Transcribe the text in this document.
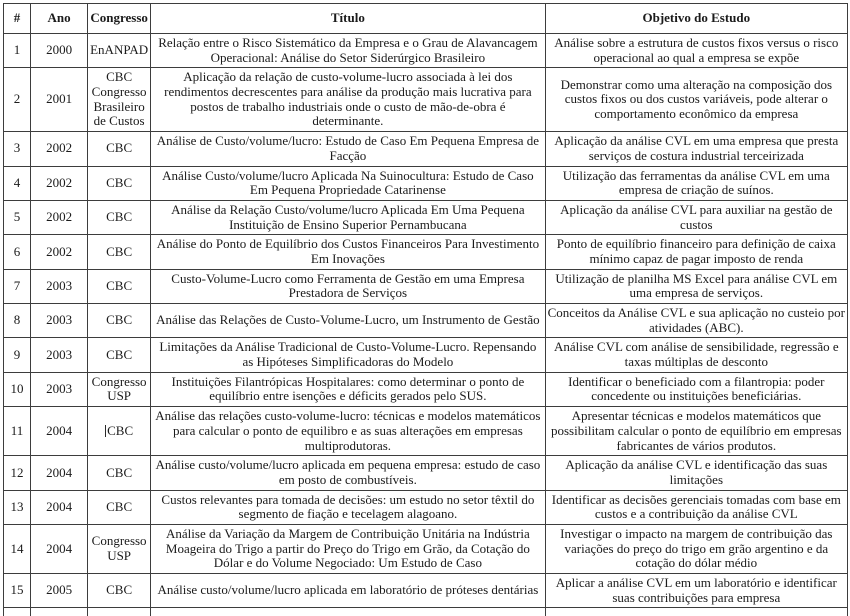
#	Ano	Congresso	Título	Objetivo do Estudo
1	2000	EnANPAD	Relação entre o Risco Sistemático da Empresa e o Grau de Alavancagem Operacional: Análise do Setor Siderúrgico Brasileiro	Análise sobre a estrutura de custos fixos versus o risco operacional ao qual a empresa se expõe
2	2001	CBC Congresso Brasileiro de Custos	Aplicação da relação de custo-volume-lucro associada à lei dos rendimentos decrescentes para análise da produção mais lucrativa para postos de trabalho industriais onde o custo de mão-de-obra é determinante.	Demonstrar como uma alteração na composição dos custos fixos ou dos custos variáveis, pode alterar o comportamento econômico da empresa
3	2002	CBC	Análise de Custo/volume/lucro: Estudo de Caso Em Pequena Empresa de Facção	Aplicação da análise CVL em uma empresa que presta serviços de costura industrial terceirizada
4	2002	CBC	Análise Custo/volume/lucro Aplicada Na Suinocultura: Estudo de Caso Em Pequena Propriedade Catarinense	Utilização das ferramentas da análise CVL em uma empresa de criação de suínos.
5	2002	CBC	Análise da Relação Custo/volume/lucro Aplicada Em Uma Pequena Instituição de Ensino Superior Pernambucana	Aplicação da análise CVL para auxiliar na gestão de custos
6	2002	CBC	Análise do Ponto de Equilíbrio dos Custos Financeiros Para Investimento Em Inovações	Ponto de equilíbrio financeiro para definição de caixa mínimo capaz de pagar imposto de renda
7	2003	CBC	Custo-Volume-Lucro como Ferramenta de Gestão em uma Empresa Prestadora de Serviços	Utilização de planilha MS Excel para análise CVL em uma empresa de serviços.
8	2003	CBC	Análise das Relações de Custo-Volume-Lucro, um Instrumento de Gestão	Conceitos da Análise CVL e sua aplicação no custeio por atividades (ABC).
9	2003	CBC	Limitações da Análise Tradicional de Custo-Volume-Lucro. Repensando as Hipóteses Simplificadoras do Modelo	Análise CVL com análise de sensibilidade, regressão e taxas múltiplas de desconto
10	2003	Congresso USP	Instituições Filantrópicas Hospitalares: como determinar o ponto de equilíbrio entre isenções e déficits gerados pelo SUS.	Identificar o beneficiado com a filantropia: poder concedente ou instituições beneficiárias.
11	2004	CBC	Análise das relações custo-volume-lucro: técnicas e modelos matemáticos para calcular o ponto de equilibro e as suas alterações em empresas multiprodutoras.	Apresentar técnicas e modelos matemáticos que possibilitam calcular o ponto de equilíbrio em empresas fabricantes de vários produtos.
12	2004	CBC	Análise custo/volume/lucro aplicada em pequena empresa: estudo de caso em posto de combustíveis.	Aplicação da análise CVL e identificação das suas limitações
13	2004	CBC	Custos relevantes para tomada de decisões: um estudo no setor têxtil do segmento de fiação e tecelagem alagoano.	Identificar as decisões gerenciais tomadas com base em custos e a contribuição da análise CVL
14	2004	Congresso USP	Análise da Variação da Margem de Contribuição Unitária na Indústria Moageira do Trigo a partir do Preço do Trigo em Grão, da Cotação do Dólar e do Volume Negociado: Um Estudo de Caso	Investigar o impacto na margem de contribuição das variações do preço do trigo em grão argentino e da cotação do dólar médio
15	2005	CBC	Análise custo/volume/lucro aplicada em laboratório de próteses dentárias	Aplicar a análise CVL em um laboratório e identificar suas contribuições para empresa
